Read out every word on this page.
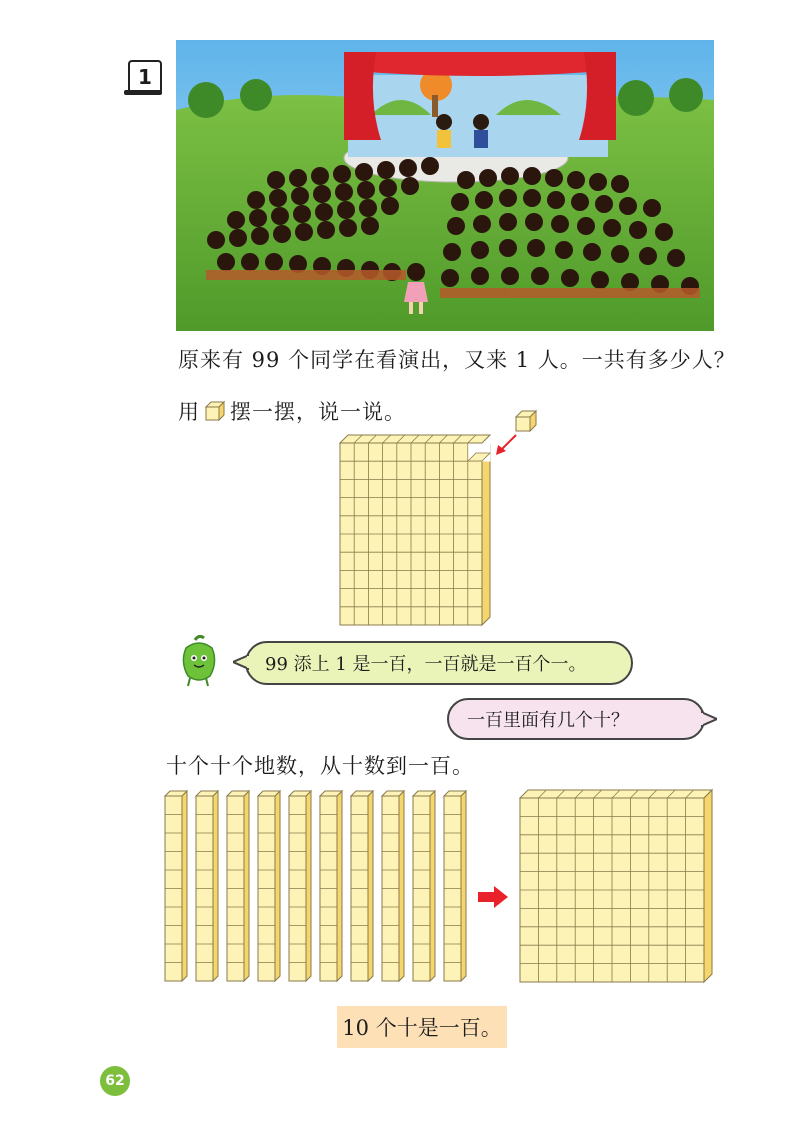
1
原来有 99 个同学在看演出，又来 1 人。一共有多少人？
用 摆一摆，说一说。
99 添上 1 是一百，一百就是一百个一。
一百里面有几个十？
十个十个地数，从十数到一百。
10 个十是一百。
62
